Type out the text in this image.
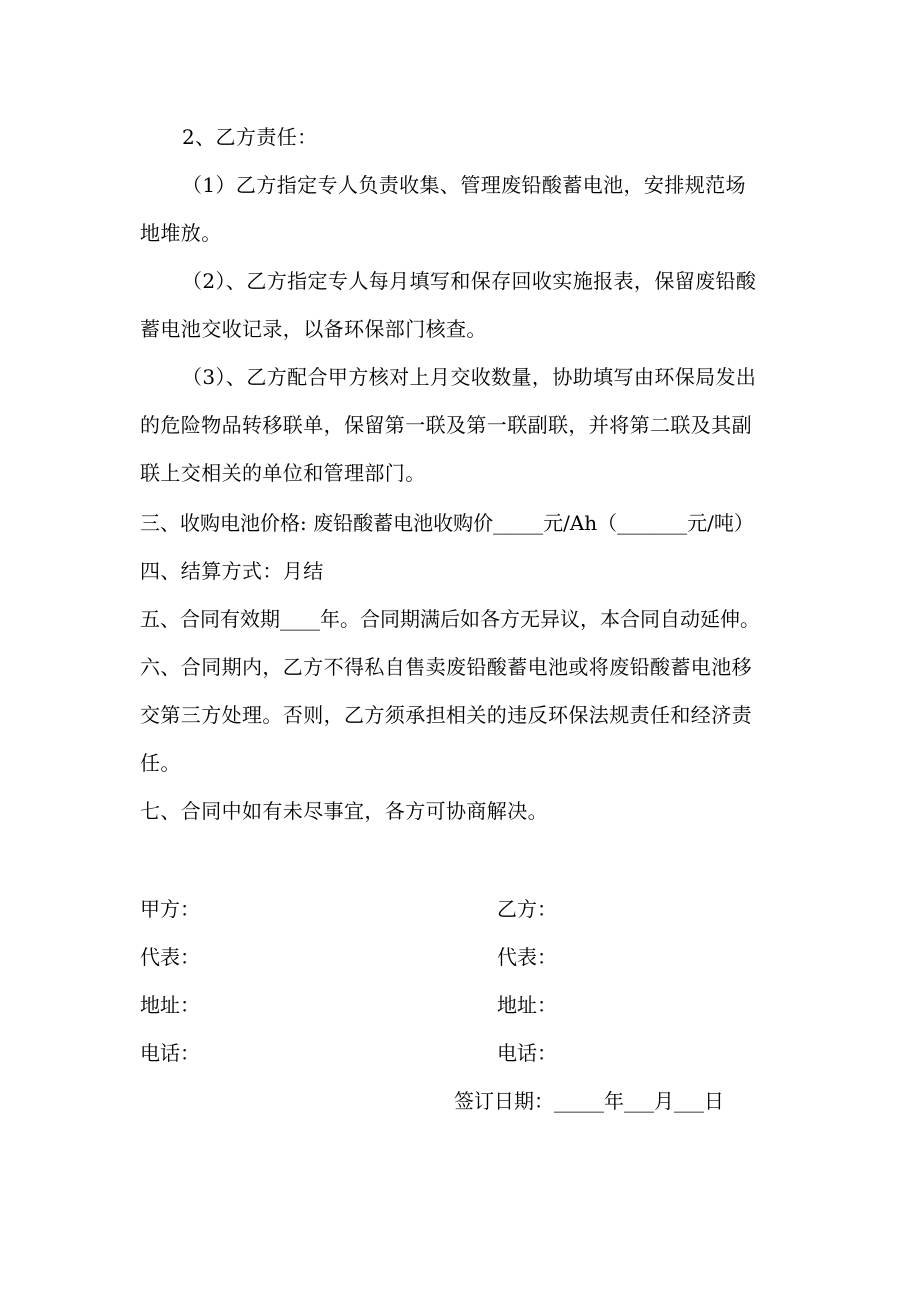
2、乙方责任：
（1）乙方指定专人负责收集、管理废铅酸蓄电池，安排规范场
地堆放。
（2）、乙方指定专人每月填写和保存回收实施报表，保留废铅酸
蓄电池交收记录，以备环保部门核查。
（3）、乙方配合甲方核对上月交收数量，协助填写由环保局发出
的危险物品转移联单，保留第一联及第一联副联，并将第二联及其副
联上交相关的单位和管理部门。
三、收购电池价格: 废铅酸蓄电池收购价_____元/Ah（_______元/吨）
四、结算方式：月结
五、合同有效期____年。合同期满后如各方无异议，本合同自动延伸。
六、合同期内，乙方不得私自售卖废铅酸蓄电池或将废铅酸蓄电池移
交第三方处理。否则，乙方须承担相关的违反环保法规责任和经济责
任。
七、合同中如有未尽事宜，各方可协商解决。
甲方：	乙方：
代表：	代表：
地址：	地址：
电话：	电话：
签订日期：_____年___月___日
